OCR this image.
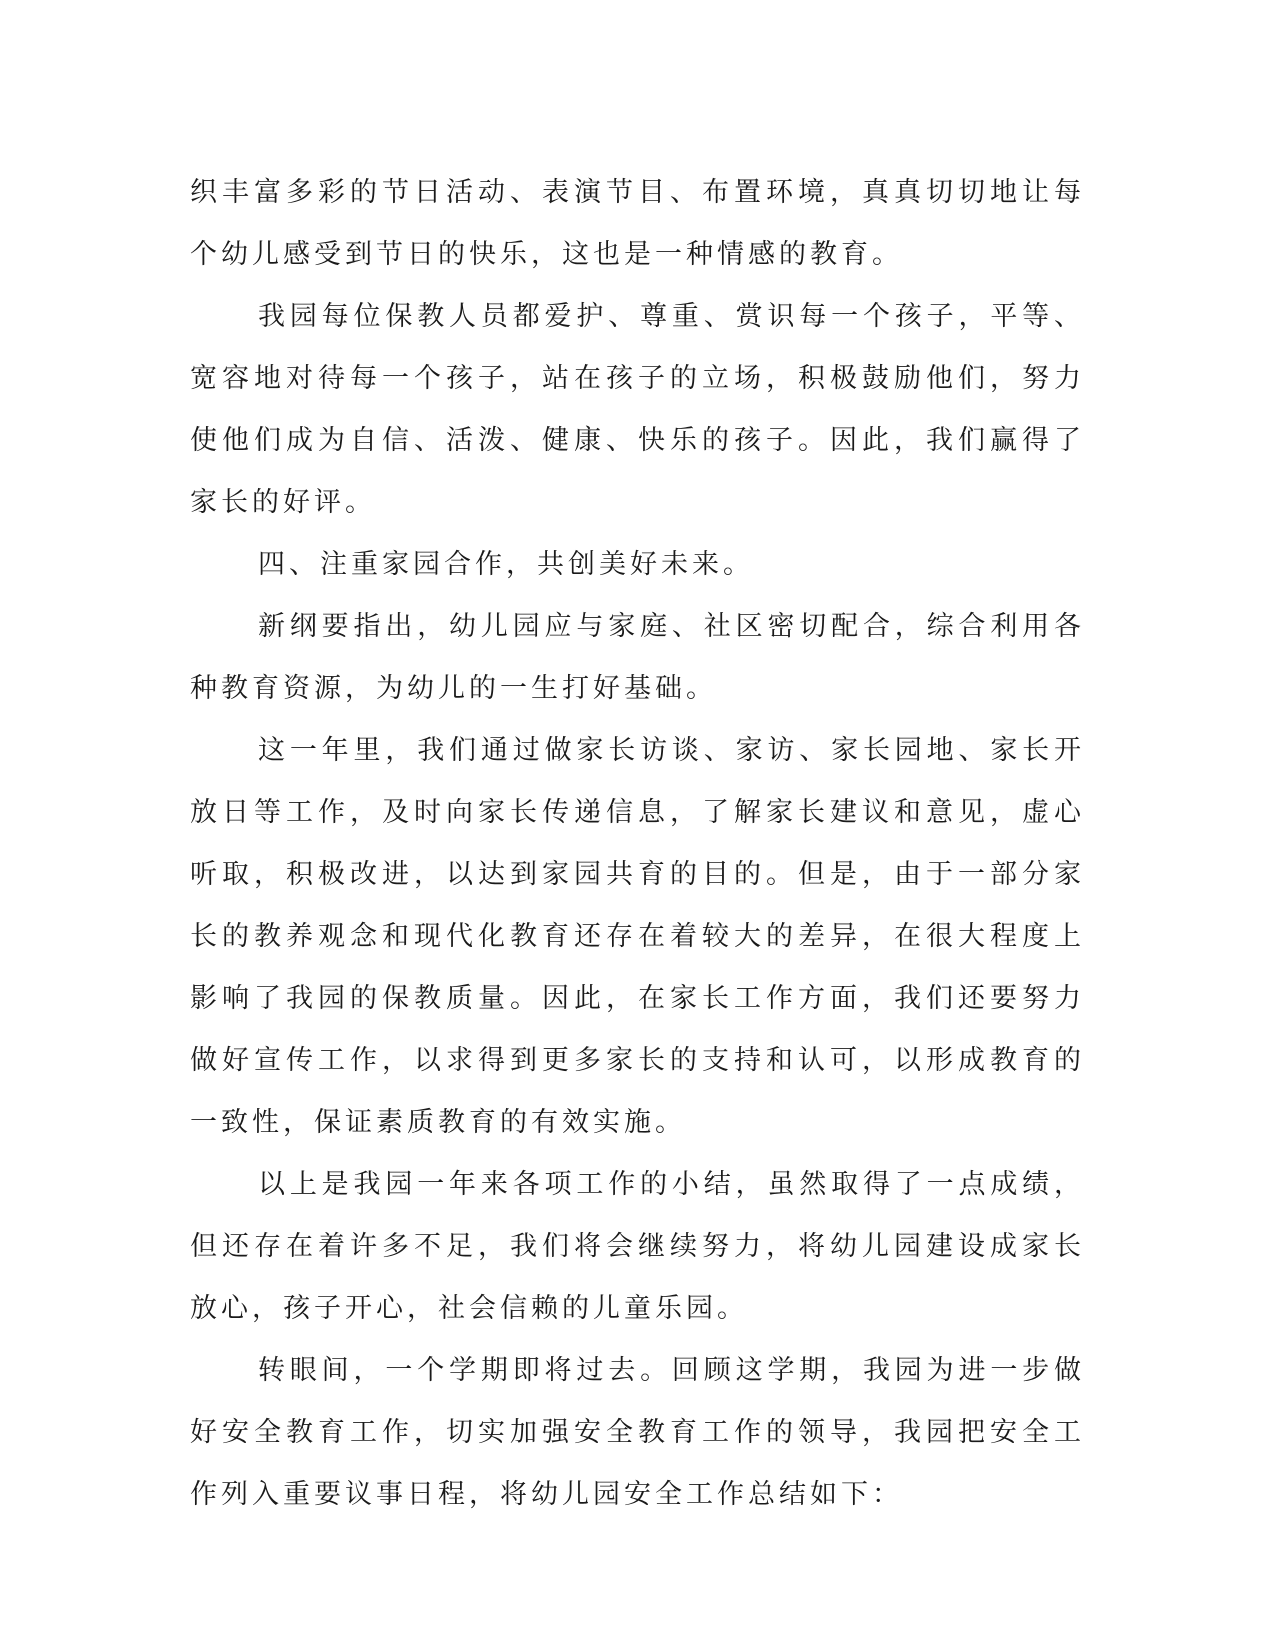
织丰富多彩的节日活动、表演节目、布置环境，真真切切地让每个幼儿感受到节日的快乐，这也是一种情感的教育。

我园每位保教人员都爱护、尊重、赏识每一个孩子，平等、宽容地对待每一个孩子，站在孩子的立场，积极鼓励他们，努力使他们成为自信、活泼、健康、快乐的孩子。因此，我们赢得了家长的好评。

四、注重家园合作，共创美好未来。

新纲要指出，幼儿园应与家庭、社区密切配合，综合利用各种教育资源，为幼儿的一生打好基础。

这一年里，我们通过做家长访谈、家访、家长园地、家长开放日等工作，及时向家长传递信息，了解家长建议和意见，虚心听取，积极改进，以达到家园共育的目的。但是，由于一部分家长的教养观念和现代化教育还存在着较大的差异，在很大程度上影响了我园的保教质量。因此，在家长工作方面，我们还要努力做好宣传工作，以求得到更多家长的支持和认可，以形成教育的一致性，保证素质教育的有效实施。

以上是我园一年来各项工作的小结，虽然取得了一点成绩，但还存在着许多不足，我们将会继续努力，将幼儿园建设成家长放心，孩子开心，社会信赖的儿童乐园。

转眼间，一个学期即将过去。回顾这学期，我园为进一步做好安全教育工作，切实加强安全教育工作的领导，我园把安全工作列入重要议事日程，将幼儿园安全工作总结如下：
